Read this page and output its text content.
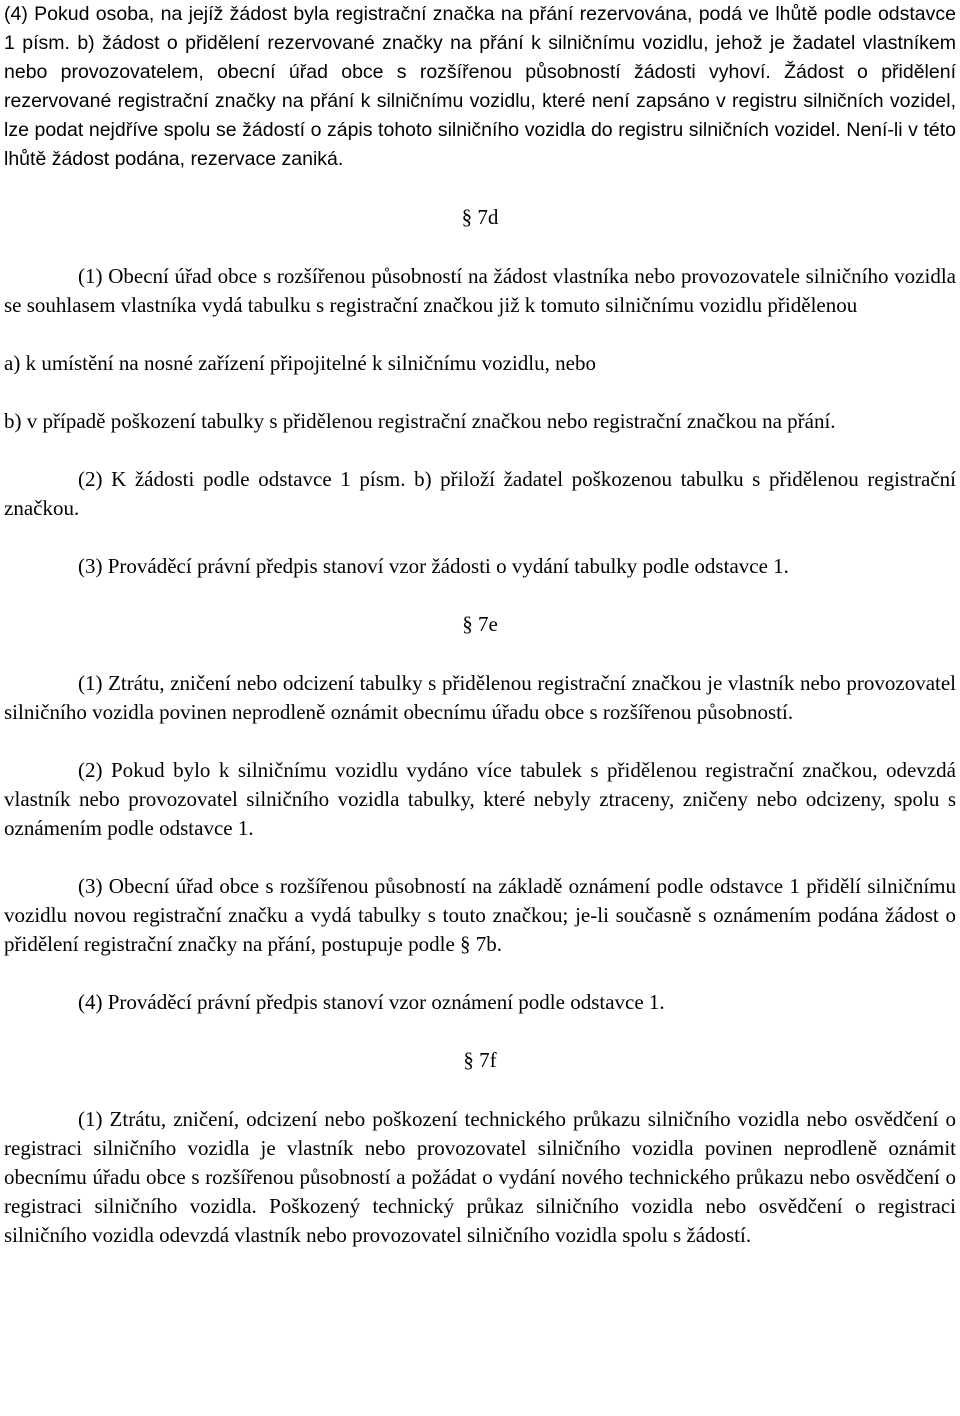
(4) Pokud osoba, na jejíž žádost byla registrační značka na přání rezervována, podá ve lhůtě podle odstavce 1 písm. b) žádost o přidělení rezervované značky na přání k silničnímu vozidlu, jehož je žadatel vlastníkem nebo provozovatelem, obecní úřad obce s rozšířenou působností žádosti vyhoví. Žádost o přidělení rezervované registrační značky na přání k silničnímu vozidlu, které není zapsáno v registru silničních vozidel, lze podat nejdříve spolu se žádostí o zápis tohoto silničního vozidla do registru silničních vozidel. Není-li v této lhůtě žádost podána, rezervace zaniká.

§ 7d

(1) Obecní úřad obce s rozšířenou působností na žádost vlastníka nebo provozovatele silničního vozidla se souhlasem vlastníka vydá tabulku s registrační značkou již k tomuto silničnímu vozidlu přidělenou

a) k umístění na nosné zařízení připojitelné k silničnímu vozidlu, nebo

b) v případě poškození tabulky s přidělenou registrační značkou nebo registrační značkou na přání.

(2) K žádosti podle odstavce 1 písm. b) přiloží žadatel poškozenou tabulku s přidělenou registrační značkou.

(3) Prováděcí právní předpis stanoví vzor žádosti o vydání tabulky podle odstavce 1.

§ 7e

(1) Ztrátu, zničení nebo odcizení tabulky s přidělenou registrační značkou je vlastník nebo provozovatel silničního vozidla povinen neprodleně oznámit obecnímu úřadu obce s rozšířenou působností.

(2) Pokud bylo k silničnímu vozidlu vydáno více tabulek s přidělenou registrační značkou, odevzdá vlastník nebo provozovatel silničního vozidla tabulky, které nebyly ztraceny, zničeny nebo odcizeny, spolu s oznámením podle odstavce 1.

(3) Obecní úřad obce s rozšířenou působností na základě oznámení podle odstavce 1 přidělí silničnímu vozidlu novou registrační značku a vydá tabulky s touto značkou; je-li současně s oznámením podána žádost o přidělení registrační značky na přání, postupuje podle § 7b.

(4) Prováděcí právní předpis stanoví vzor oznámení podle odstavce 1.

§ 7f

(1) Ztrátu, zničení, odcizení nebo poškození technického průkazu silničního vozidla nebo osvědčení o registraci silničního vozidla je vlastník nebo provozovatel silničního vozidla povinen neprodleně oznámit obecnímu úřadu obce s rozšířenou působností a požádat o vydání nového technického průkazu nebo osvědčení o registraci silničního vozidla. Poškozený technický průkaz silničního vozidla nebo osvědčení o registraci silničního vozidla odevzdá vlastník nebo provozovatel silničního vozidla spolu s žádostí.
